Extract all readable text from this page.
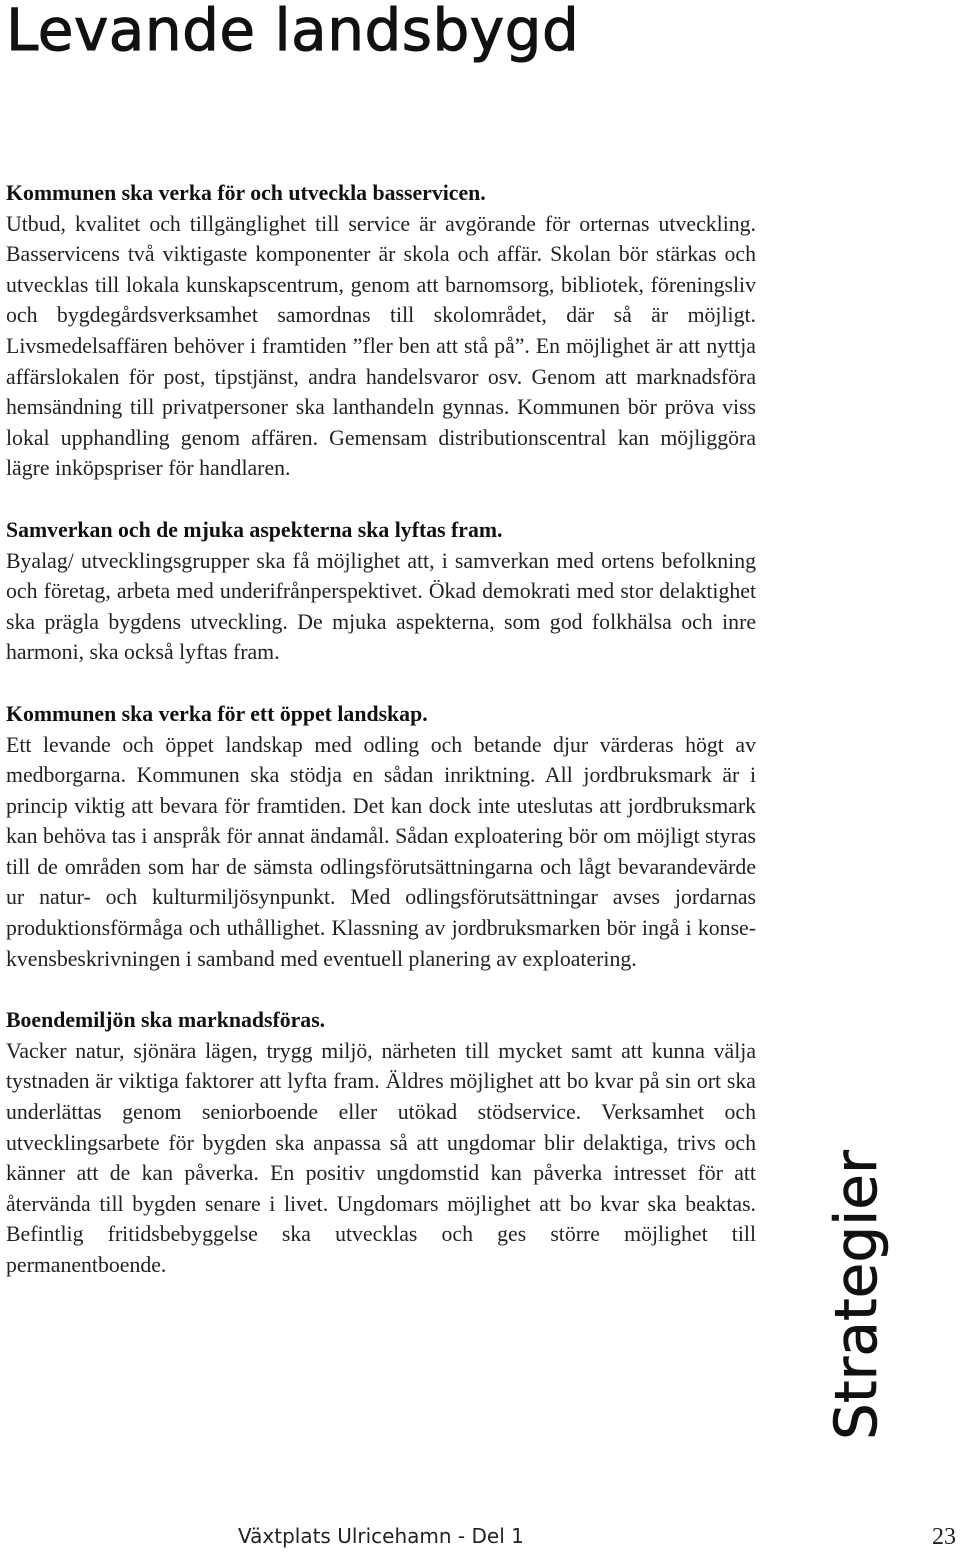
Levande landsbygd
Kommunen ska verka för och utveckla basservicen.
Utbud, kvalitet och tillgänglighet till service är avgörande för orternas utveckling. Basservicens två viktigaste komponenter är skola och affär. Skolan bör stärkas och utvecklas till lokala kunskapscentrum, genom att barnomsorg, bibliotek, föreningsliv och bygdegårdsverksamhet samordnas till skolområdet, där så är möjligt. Livsmedelsaffären behöver i framtiden ”fler ben att stå på”. En möjlighet är att nyttja affärslokalen för post, tipstjänst, andra handelsvaror osv. Genom att marknadsföra hemsändning till privatpersoner ska lanthandeln gynnas. Kommunen bör pröva viss lokal upphandling genom affären. Gemensam distributionscentral kan möjliggöra lägre inköpspriser för handlaren.
Samverkan och de mjuka aspekterna ska lyftas fram.
Byalag/ utvecklingsgrupper ska få möjlighet att, i samverkan med ortens befolkning och företag, arbeta med underifrånperspektivet. Ökad demokrati med stor delaktighet ska prägla bygdens utveckling. De mjuka aspekterna, som god folkhälsa och inre harmoni, ska också lyftas fram.
Kommunen ska verka för ett öppet landskap.
Ett levande och öppet landskap med odling och betande djur värderas högt av medborgarna. Kommunen ska stödja en sådan inriktning. All jordbruksmark är i princip viktig att bevara för framtiden. Det kan dock inte uteslutas att jordbruksmark kan behöva tas i anspråk för annat ändamål. Sådan exploatering bör om möjligt styras till de områden som har de sämsta odlingsförutsättningarna och lågt bevarandevärde ur natur- och kulturmiljösynpunkt. Med odlingsförutsättningar avses jordarnas produktionsförmåga och uthållighet. Klassning av jordbruksmarken bör ingå i konsekvensbeskrivningen i samband med eventuell planering av exploatering.
Boendemiljön ska marknadsföras.
Vacker natur, sjönära lägen, trygg miljö, närheten till mycket samt att kunna välja tystnaden är viktiga faktorer att lyfta fram. Äldres möjlighet att bo kvar på sin ort ska underlättas genom seniorboende eller utökad stödservice. Verksamhet och utvecklingsarbete för bygden ska anpassa så att ungdomar blir delaktiga, trivs och känner att de kan påverka. En positiv ungdomstid kan påverka intresset för att återvända till bygden senare i livet. Ungdomars möjlighet att bo kvar ska beaktas. Befintlig fritidsbebyggelse ska utvecklas och ges större möjlighet till permanentboende.	Strategier
Växtplats Ulricehamn - Del 1	23
